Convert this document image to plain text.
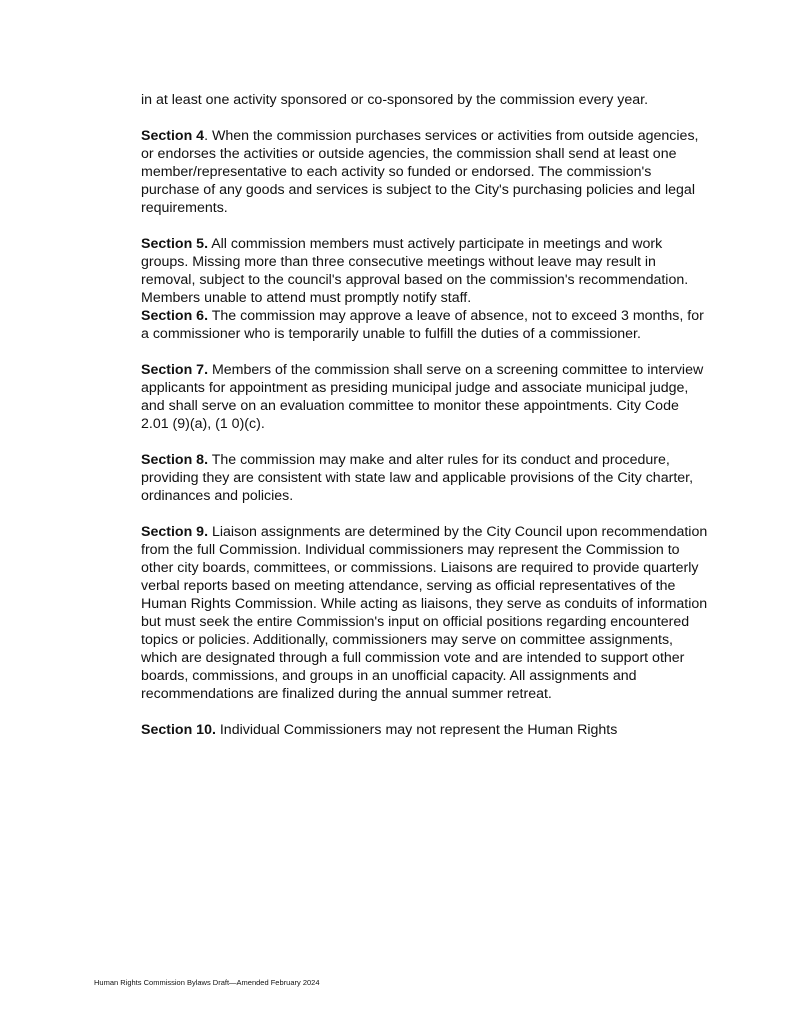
in at least one activity sponsored or co-sponsored by the commission every year.

Section 4. When the commission purchases services or activities from outside agencies, or endorses the activities or outside agencies, the commission shall send at least one member/representative to each activity so funded or endorsed. The commission's purchase of any goods and services is subject to the City's purchasing policies and legal requirements.

Section 5. All commission members must actively participate in meetings and work groups. Missing more than three consecutive meetings without leave may result in removal, subject to the council's approval based on the commission's recommendation. Members unable to attend must promptly notify staff.

Section 6. The commission may approve a leave of absence, not to exceed 3 months, for a commissioner who is temporarily unable to fulfill the duties of a commissioner.

Section 7. Members of the commission shall serve on a screening committee to interview applicants for appointment as presiding municipal judge and associate municipal judge, and shall serve on an evaluation committee to monitor these appointments. City Code 2.01 (9)(a), (1 0)(c).

Section 8. The commission may make and alter rules for its conduct and procedure, providing they are consistent with state law and applicable provisions of the City charter, ordinances and policies.

Section 9. Liaison assignments are determined by the City Council upon recommendation from the full Commission. Individual commissioners may represent the Commission to other city boards, committees, or commissions. Liaisons are required to provide quarterly verbal reports based on meeting attendance, serving as official representatives of the Human Rights Commission. While acting as liaisons, they serve as conduits of information but must seek the entire Commission's input on official positions regarding encountered topics or policies. Additionally, commissioners may serve on committee assignments, which are designated through a full commission vote and are intended to support other boards, commissions, and groups in an unofficial capacity. All assignments and recommendations are finalized during the annual summer retreat.

Section 10. Individual Commissioners may not represent the Human Rights

Human Rights Commission Bylaws Draft—Amended February 2024
